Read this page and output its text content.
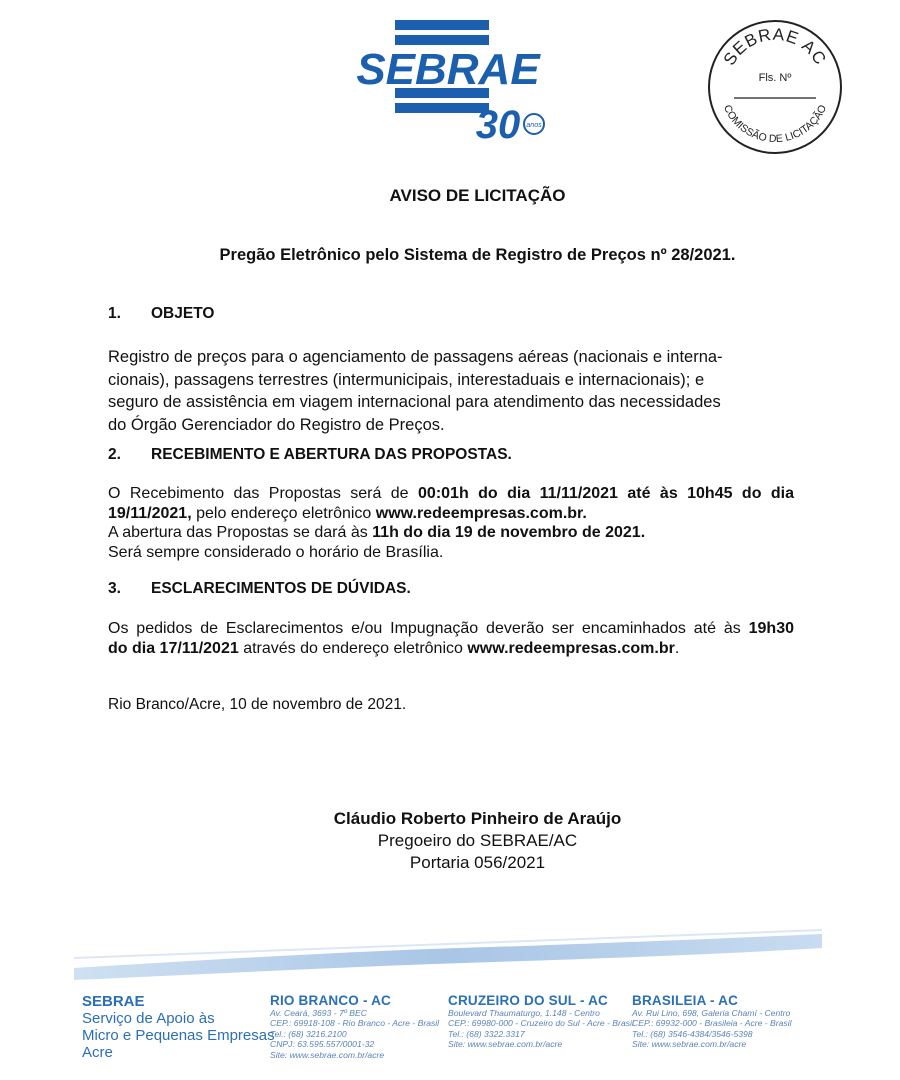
SEBRAE
30 anos
SEBRAE AC
Fls. Nº
COMISSÃO DE LICITAÇÃO
AVISO DE LICITAÇÃO
Pregão Eletrônico pelo Sistema de Registro de Preços nº 28/2021.
1. OBJETO
Registro de preços para o agenciamento de passagens aéreas (nacionais e interna-
cionais), passagens terrestres (intermunicipais, interestaduais e internacionais); e
seguro de assistência em viagem internacional para atendimento das necessidades
do Órgão Gerenciador do Registro de Preços.
2. RECEBIMENTO E ABERTURA DAS PROPOSTAS.
O Recebimento das Propostas será de 00:01h do dia 11/11/2021 até às 10h45 do dia
19/11/2021, pelo endereço eletrônico www.redeempresas.com.br.
A abertura das Propostas se dará às 11h do dia 19 de novembro de 2021.
Será sempre considerado o horário de Brasília.
3. ESCLARECIMENTOS DE DÚVIDAS.
Os pedidos de Esclarecimentos e/ou Impugnação deverão ser encaminhados até às 19h30
do dia 17/11/2021 através do endereço eletrônico www.redeempresas.com.br.
Rio Branco/Acre, 10 de novembro de 2021.
Cláudio Roberto Pinheiro de Araújo
Pregoeiro do SEBRAE/AC
Portaria 056/2021
SEBRAE
Serviço de Apoio às
Micro e Pequenas Empresas
Acre
RIO BRANCO - AC
Av. Ceará, 3693 - 7º BEC
CEP.: 69918-108 - Rio Branco - Acre - Brasil
Tel.: (68) 3216.2100
CNPJ: 63.595.557/0001-32
Site: www.sebrae.com.br/acre
CRUZEIRO DO SUL - AC
Boulevard Thaumaturgo, 1.148 - Centro
CEP.: 69980-000 - Cruzeiro do Sul - Acre - Brasil
Tel.: (68) 3322.3317
Site: www.sebrae.com.br/acre
BRASILEIA - AC
Av. Rui Lino, 698, Galeria Chamí - Centro
CEP.: 69932-000 - Brasileia - Acre - Brasil
Tel.: (68) 3546-4384/3546-5398
Site: www.sebrae.com.br/acre
